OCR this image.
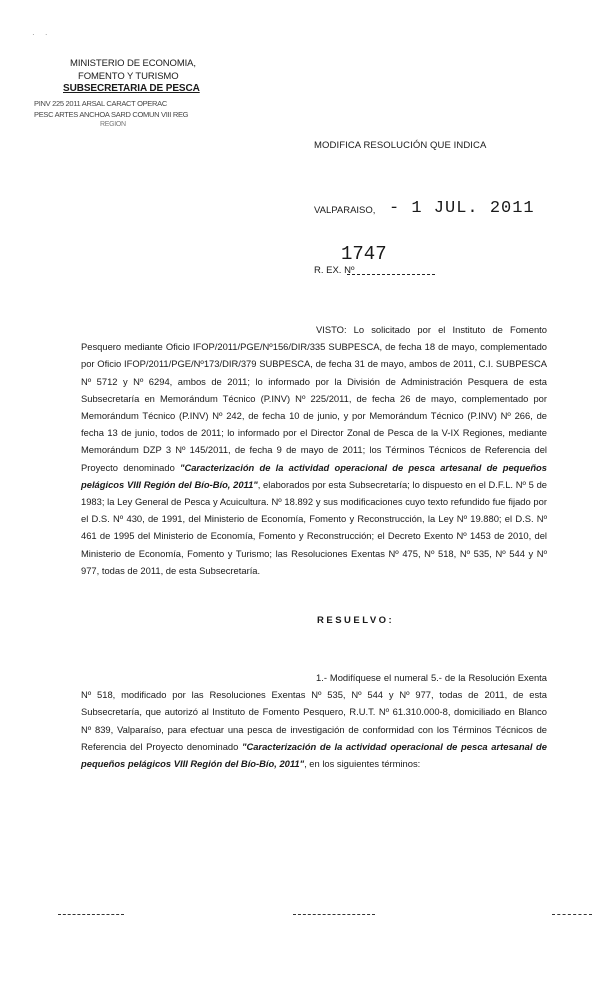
· ·
MINISTERIO DE ECONOMIA,
FOMENTO Y TURISMO
SUBSECRETARIA DE PESCA
PINV 225 2011 ARSAL CARACT OPERAC
PESC ARTES ANCHOA SARD COMUN VIII REG
REGION
MODIFICA RESOLUCIÓN QUE INDICA
VALPARAISO, - 1 JUL. 2011
1747
R. EX. Nº
VISTO: Lo solicitado por el Instituto de Fomento Pesquero mediante Oficio IFOP/2011/PGE/Nº156/DIR/335 SUBPESCA, de fecha 18 de mayo, complementado por Oficio IFOP/2011/PGE/Nº173/DIR/379 SUBPESCA, de fecha 31 de mayo, ambos de 2011, C.I. SUBPESCA Nº 5712 y Nº 6294, ambos de 2011; lo informado por la División de Administración Pesquera de esta Subsecretaría en Memorándum Técnico (P.INV) Nº 225/2011, de fecha 26 de mayo, complementado por Memorándum Técnico (P.INV) Nº 242, de fecha 10 de junio, y por Memorándum Técnico (P.INV) Nº 266, de fecha 13 de junio, todos de 2011; lo informado por el Director Zonal de Pesca de la V-IX Regiones, mediante Memorándum DZP 3 Nº 145/2011, de fecha 9 de mayo de 2011; los Términos Técnicos de Referencia del Proyecto denominado "Caracterización de la actividad operacional de pesca artesanal de pequeños pelágicos VIII Región del Bío-Bío, 2011", elaborados por esta Subsecretaría; lo dispuesto en el D.F.L. Nº 5 de 1983; la Ley General de Pesca y Acuicultura. Nº 18.892 y sus modificaciones cuyo texto refundido fue fijado por el D.S. Nº 430, de 1991, del Ministerio de Economía, Fomento y Reconstrucción, la Ley Nº 19.880; el D.S. Nº 461 de 1995 del Ministerio de Economía, Fomento y Reconstrucción; el Decreto Exento Nº 1453 de 2010, del Ministerio de Economía, Fomento y Turismo; las Resoluciones Exentas Nº 475, Nº 518, Nº 535, Nº 544 y Nº 977, todas de 2011, de esta Subsecretaría.
RESUELVO:
1.- Modifíquese el numeral 5.- de la Resolución Exenta Nº 518, modificado por las Resoluciones Exentas Nº 535, Nº 544 y Nº 977, todas de 2011, de esta Subsecretaría, que autorizó al Instituto de Fomento Pesquero, R.U.T. Nº 61.310.000-8, domiciliado en Blanco Nº 839, Valparaíso, para efectuar una pesca de investigación de conformidad con los Términos Técnicos de Referencia del Proyecto denominado "Caracterización de la actividad operacional de pesca artesanal de pequeños pelágicos VIII Región del Bío-Bío, 2011", en los siguientes términos:
